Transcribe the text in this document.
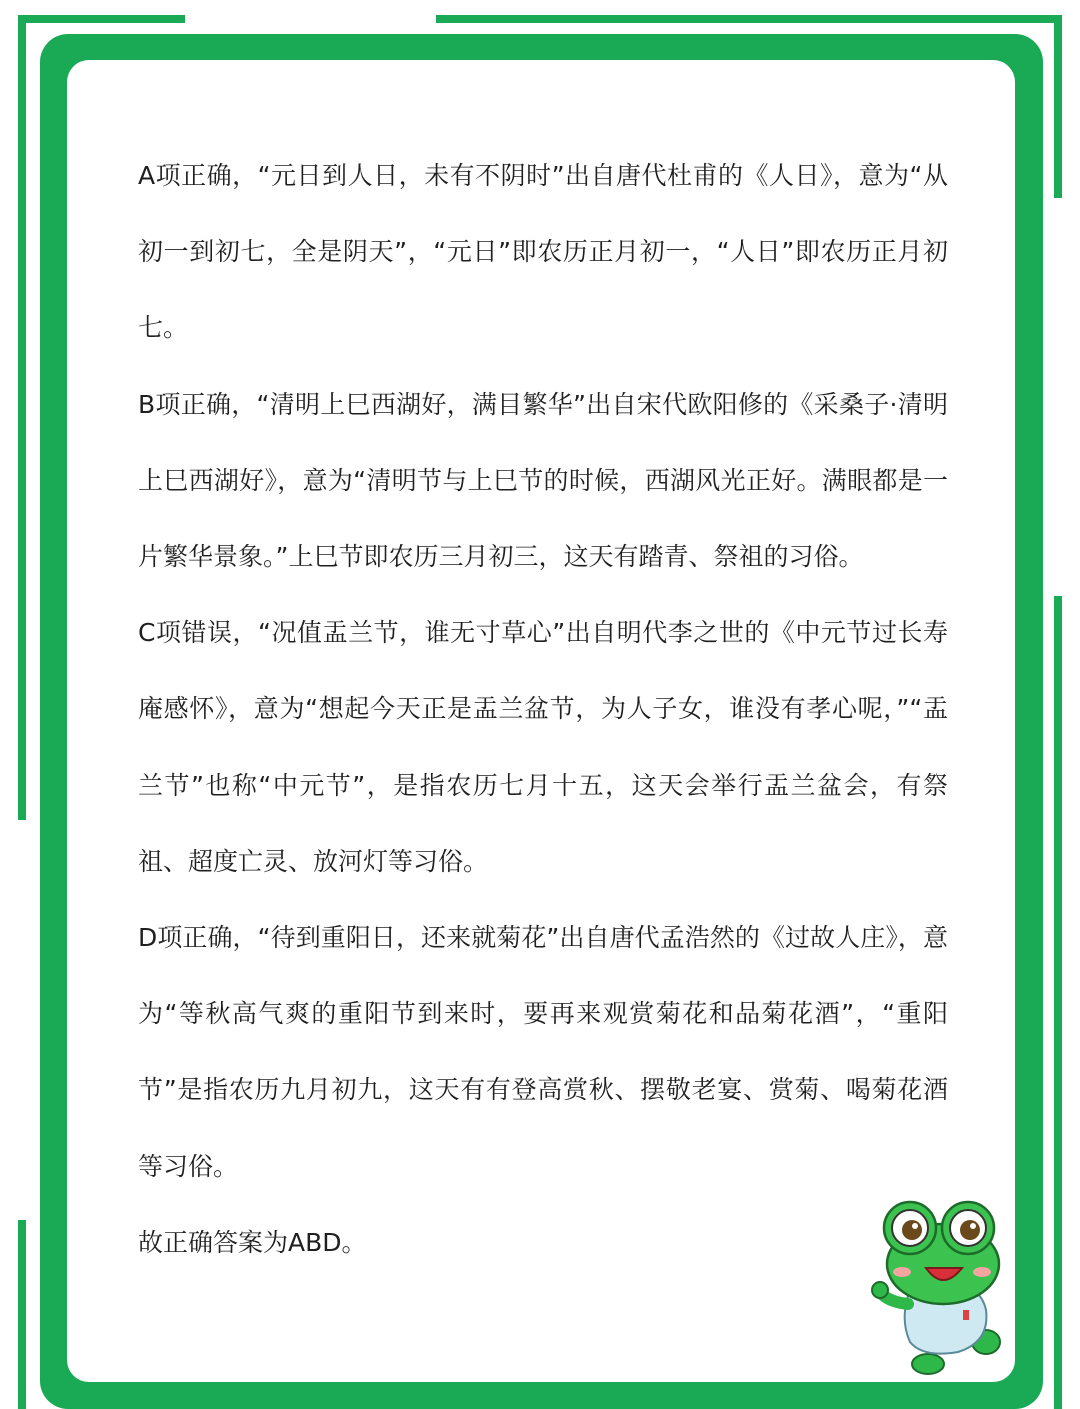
A项正确，“元日到人日，未有不阴时”出自唐代杜甫的《人日》，意为“从初一到初七，全是阴天”，“元日”即农历正月初一，“人日”即农历正月初七。

B项正确，“清明上巳西湖好，满目繁华”出自宋代欧阳修的《采桑子·清明上巳西湖好》，意为“清明节与上巳节的时候，西湖风光正好。满眼都是一片繁华景象。”上巳节即农历三月初三，这天有踏青、祭祖的习俗。

C项错误，“况值盂兰节，谁无寸草心”出自明代李之世的《中元节过长寿庵感怀》，意为“想起今天正是盂兰盆节，为人子女，谁没有孝心呢，”“盂兰节”也称“中元节”，是指农历七月十五，这天会举行盂兰盆会，有祭祖、超度亡灵、放河灯等习俗。

D项正确，“待到重阳日，还来就菊花”出自唐代孟浩然的《过故人庄》，意为“等秋高气爽的重阳节到来时，要再来观赏菊花和品菊花酒”，“重阳节”是指农历九月初九，这天有有登高赏秋、摆敬老宴、赏菊、喝菊花酒等习俗。

故正确答案为ABD。
